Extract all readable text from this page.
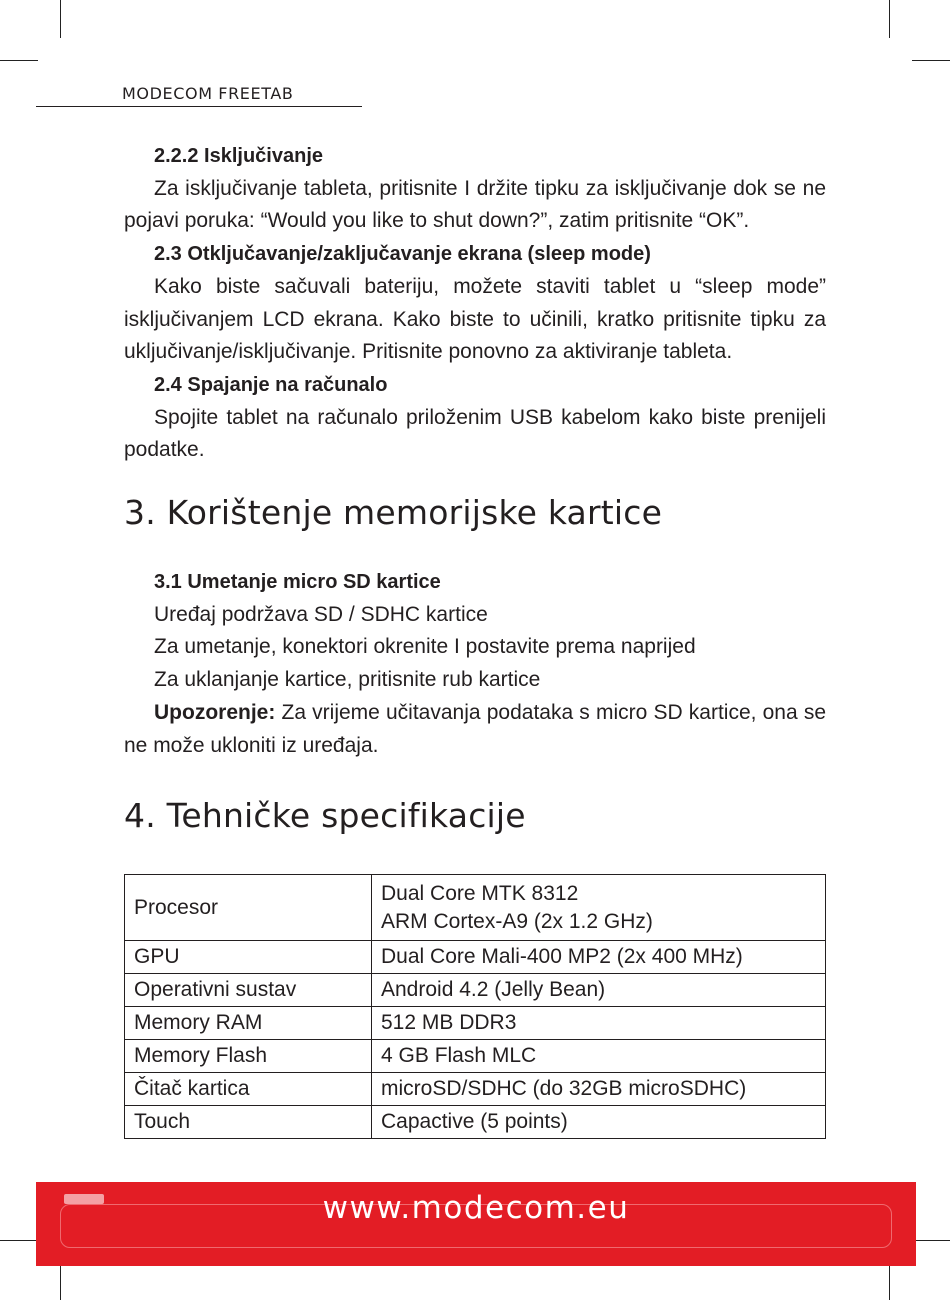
MODECOM FREETAB

2.2.2 Isključivanje

Za isključivanje tableta, pritisnite I držite tipku za isključivanje dok se ne pojavi poruka: “Would you like to shut down?”, zatim pritisnite “OK”.

2.3 Otključavanje/zaključavanje ekrana (sleep mode)

Kako biste sačuvali bateriju, možete staviti tablet u “sleep mode” isključivanjem LCD ekrana. Kako biste to učinili, kratko pritisnite tipku za uključivanje/isključivanje. Pritisnite ponovno za aktiviranje tableta.

2.4 Spajanje na računalo

Spojite tablet na računalo priloženim USB kabelom kako biste prenijeli podatke.

3. Korištenje memorijske kartice

3.1 Umetanje micro SD kartice

Uređaj podržava SD / SDHC kartice

Za umetanje, konektori okrenite I postavite prema naprijed

Za uklanjanje kartice, pritisnite rub kartice

Upozorenje: Za vrijeme učitavanja podataka s micro SD kartice, ona se ne može ukloniti iz uređaja.

4. Tehničke specifikacije
Procesor	Dual Core MTK 8312
ARM Cortex-A9 (2x 1.2 GHz)

GPU	Dual Core Mali-400 MP2 (2x 400 MHz)
Operativni sustav	Android 4.2 (Jelly Bean)
Memory RAM	512 MB DDR3
Memory Flash	4 GB Flash MLC
Čitač kartica	microSD/SDHC (do 32GB microSDHC)
Touch	Capactive (5 points)
www.modecom.eu
